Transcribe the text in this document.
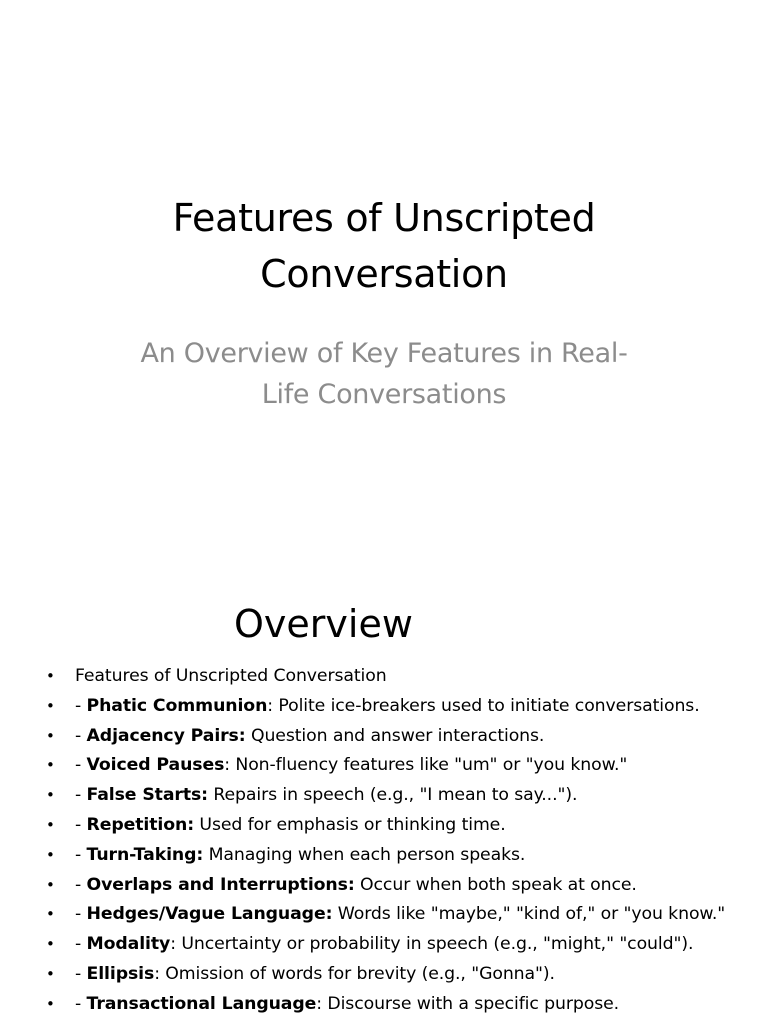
Features of Unscripted
Conversation

An Overview of Key Features in Real-
Life Conversations

Overview
• Features of Unscripted Conversation
• - Phatic Communion: Polite ice-breakers used to initiate conversations.
• - Adjacency Pairs: Question and answer interactions.
• - Voiced Pauses: Non-fluency features like "um" or "you know."
• - False Starts: Repairs in speech (e.g., "I mean to say...").
• - Repetition: Used for emphasis or thinking time.
• - Turn-Taking: Managing when each person speaks.
• - Overlaps and Interruptions: Occur when both speak at once.
• - Hedges/Vague Language: Words like "maybe," "kind of," or "you know."
• - Modality: Uncertainty or probability in speech (e.g., "might," "could").
• - Ellipsis: Omission of words for brevity (e.g., "Gonna").
• - Transactional Language: Discourse with a specific purpose.
